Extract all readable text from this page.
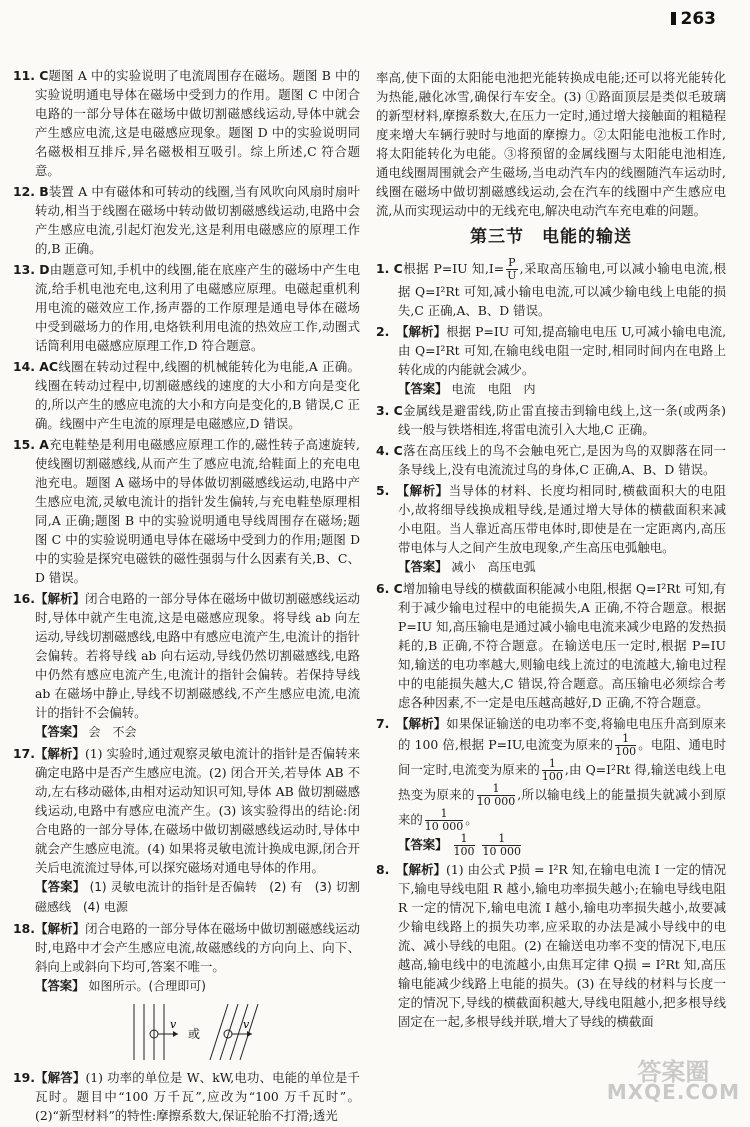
263
11. C题图 A 中的实验说明了电流周围存在磁场。题图 B 中的实验说明通电导体在磁场中受到力的作用。题图 C 中闭合电路的一部分导体在磁场中做切割磁感线运动,导体中就会产生感应电流,这是电磁感应现象。题图 D 中的实验说明同名磁极相互排斥,异名磁极相互吸引。综上所述,C 符合题意。
12. B装置 A 中有磁体和可转动的线圈,当有风吹向风扇时扇叶转动,相当于线圈在磁场中转动做切割磁感线运动,电路中会产生感应电流,引起灯泡发光,这是利用电磁感应的原理工作的,B 正确。
13. D由题意可知,手机中的线圈,能在底座产生的磁场中产生电流,给手机电池充电,这利用了电磁感应原理。电磁起重机利用电流的磁效应工作,扬声器的工作原理是通电导体在磁场中受到磁场力的作用,电烙铁利用电流的热效应工作,动圈式话筒利用电磁感应原理工作,D 符合题意。
14. AC线圈在转动过程中,线圈的机械能转化为电能,A 正确。线圈在转动过程中,切割磁感线的速度的大小和方向是变化的,所以产生的感应电流的大小和方向是变化的,B 错误,C 正确。线圈中产生电流的原理是电磁感应,D 错误。
15. A充电鞋垫是利用电磁感应原理工作的,磁性转子高速旋转,使线圈切割磁感线,从而产生了感应电流,给鞋面上的充电电池充电。题图 A 磁场中的导体做切割磁感线运动,电路中产生感应电流,灵敏电流计的指针发生偏转,与充电鞋垫原理相同,A 正确;题图 B 中的实验说明通电导线周围存在磁场;题图 C 中的实验说明通电导体在磁场中受到力的作用;题图 D 中的实验是探究电磁铁的磁性强弱与什么因素有关,B、C、D 错误。
16.【解析】闭合电路的一部分导体在磁场中做切割磁感线运动时,导体中就产生电流,这是电磁感应现象。将导线 ab 向左运动,导线切割磁感线,电路中有感应电流产生,电流计的指针会偏转。若将导线 ab 向右运动,导线仍然切割磁感线,电路中仍然有感应电流产生,电流计的指针会偏转。若保持导线 ab 在磁场中静止,导线不切割磁感线,不产生感应电流,电流计的指针不会偏转。
【答案】 会　不会
17.【解析】(1) 实验时,通过观察灵敏电流计的指针是否偏转来确定电路中是否产生感应电流。(2) 闭合开关,若导体 AB 不动,左右移动磁体,由相对运动知识可知,导体 AB 做切割磁感线运动,电路中有感应电流产生。(3) 该实验得出的结论:闭合电路的一部分导体,在磁场中做切割磁感线运动时,导体中就会产生感应电流。(4) 如果将灵敏电流计换成电源,闭合开关后电流流过导体,可以探究磁场对通电导体的作用。
【答案】 (1) 灵敏电流计的指针是否偏转　(2) 有　(3) 切割磁感线　(4) 电源
18.【解析】闭合电路的一部分导体在磁场中做切割磁感线运动时,电路中才会产生感应电流,故磁感线的方向向上、向下、斜向上或斜向下均可,答案不唯一。
【答案】 如图所示。(合理即可)
v
或
v
19.【解答】(1) 功率的单位是 W、kW,电功、电能的单位是千瓦时。题目中“100 万千瓦”,应改为“100 万千瓦时”。(2)“新型材料”的特性:摩擦系数大,保证轮胎不打滑;透光
率高,使下面的太阳能电池把光能转换成电能;还可以将光能转化为热能,融化冰雪,确保行车安全。(3) ①路面顶层是类似毛玻璃的新型材料,摩擦系数大,在压力一定时,通过增大接触面的粗糙程度来增大车辆行驶时与地面的摩擦力。②太阳能电池板工作时,将太阳能转化为电能。③将预留的金属线圈与太阳能电池相连,通电线圈周围就会产生磁场,当电动汽车内的线圈随汽车运动时,线圈在磁场中做切割磁感线运动,会在汽车的线圈中产生感应电流,从而实现运动中的无线充电,解决电动汽车充电难的问题。
第三节　电能的输送
1. C根据 P=IU 知$,I= \frac{P}{U}$ ,采取高压输电,可以减小输电电流,根据 Q=I²Rt 可知,减小输电电流,可以减少输电线上电能的损失,C 正确,A、B、D 错误。
2. 【解析】根据 P=IU 可知,提高输电电压 U,可减小输电电流,由 Q=I²Rt 可知,在输电线电阻一定时,相同时间内在电路上转化成的内能就会减少。
【答案】 电流　电阻　内
3. C金属线是避雷线,防止雷直接击到输电线上,这一条(或两条)线一般与铁塔相连,将雷电流引入大地,C 正确。
4. C落在高压线上的鸟不会触电死亡,是因为鸟的双脚落在同一条导线上,没有电流流过鸟的身体,C 正确,A、B、D 错误。
5. 【解析】当导体的材料、长度均相同时,横截面积大的电阻小,故将细导线换成粗导线,是通过增大导体的横截面积来减小电阻。当人靠近高压带电体时,即使是在一定距离内,高压带电体与人之间产生放电现象,产生高压电弧触电。
【答案】 减小　高压电弧
6. C增加输电导线的横截面积能减小电阻,根据 Q=I²Rt 可知,有利于减少输电过程中的电能损失,A 正确,不符合题意。根据 P=IU 知,高压输电是通过减小输电电流来减少电路的发热损耗的,B 正确,不符合题意。在输送电压一定时,根据 P=IU 知,输送的电功率越大,则输电线上流过的电流越大,输电过程中的电能损失越大,C 错误,符合题意。高压输电必须综合考虑各种因素,不一定是电压越高越好,D 正确,不符合题意。
7. 【解析】如果保证输送的电功率不变,将输电电压升高到原来的 100 倍,根据 P=IU,电流变为原来的 $\frac{1}{100}$ 。电阻、通电时间一定时,电流变为原来的 $\frac{1}{100}$ ,由 Q=I²Rt 得,输送电线上电热变为原来的 $\frac{1}{10 000}$ ,所以输电线上的能量损失就减小到原来的 $\frac{1}{10 000}$ 。
【答案】 $\frac{1}{100}$
$\frac{1}{10 000}$
8. 【解析】(1) 由公式 P损 = I²R 知,在输电电流 I 一定的情况下,输电导线电阻 R 越小,输电功率损失越小;在输电导线电阻 R 一定的情况下,输电电流 I 越小,输电功率损失越小,故要减少输电线路上的损失功率,应采取的办法是减小导线中的电流、减小导线的电阻。(2) 在输送电功率不变的情况下,电压越高,输电线中的电流越小,由焦耳定律 Q损 = I²Rt 知,高压输电能减少线路上电能的损失。(3) 在导线的材料与长度一定的情况下,导线的横截面积越大,导线电阻越小,把多根导线固定在一起,多根导线并联,增大了导线的横截面
答案圈
MXQE.COM
